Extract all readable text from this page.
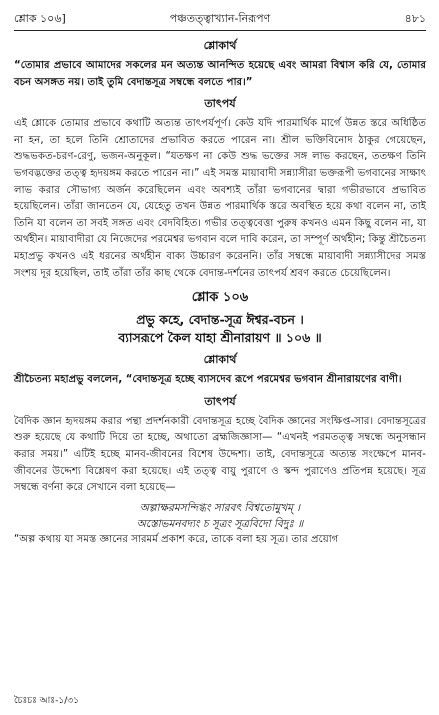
শ্লোক ১০৬]	পঞ্চতত্ত্বাখ্যান-নিরূপণ	৪৮১
শ্লোকার্থ

“তোমার প্রভাবে আমাদের সকলের মন অত্যন্ত আনন্দিত হয়েছে এবং আমরা বিশ্বাস করি যে, তোমার বচন অসঙ্গত নয়। তাই তুমি বেদান্তসূত্র সম্বন্ধে বলতে পার।”

তাৎপর্য

এই শ্লোকে তোমার প্রভাবে কথাটি অত্যন্ত তাৎপর্যপূর্ণ। কেউ যদি পারমার্থিক মার্গে উন্নত স্তরে অধিষ্ঠিত না হন, তা হলে তিনি শ্রোতাদের প্রভাবিত করতে পারেন না। শ্রীল ভক্তিবিনোদ ঠাকুর গেয়েছেন, শুদ্ধভকত-চরণ-রেণু, ভজন-অনুকূল। “যতক্ষণ না কেউ শুদ্ধ ভক্তের সঙ্গ লাভ করছেন, ততক্ষণ তিনি ভগবদ্ভক্তের তত্ত্ব হৃদয়ঙ্গম করতে পারেন না।” এই সমস্ত মায়াবাদী সন্ন্যাসীরা ভক্তরূপী ভগবানের সাক্ষাৎ লাভ করার সৌভাগ্য অর্জন করেছিলেন এবং অবশ্যই তাঁরা ভগবানের দ্বারা গভীরভাবে প্রভাবিত হয়েছিলেন। তাঁরা জানতেন যে, যেহেতু তখন উন্নত পারমার্থিক স্তরে অবস্থিত হয়ে কথা বলেন না, তাই তিনি যা বলেন তা সবই সঙ্গত এবং বেদবিহিত। গভীর তত্ত্ববেত্তা পুরুষ কখনও এমন কিছু বলেন না, যা অর্থহীন। মায়াবাদীরা যে নিজেদের পরমেশ্বর ভগবান বলে দাবি করেন, তা সম্পূর্ণ অর্থহীন; কিন্তু শ্রীচৈতন্য মহাপ্রভু কখনও এই ধরনের অর্থহীন বাক্য উচ্চারণ করেননি। তাঁর সম্বন্ধে মায়াবাদী সন্ন্যাসীদের সমস্ত সংশয় দূর হয়েছিল, তাই তাঁরা তাঁর কাছ থেকে বেদান্ত-দর্শনের তাৎপর্য শ্রবণ করতে চেয়েছিলেন।

শ্লোক ১০৬
প্রভু কহে, বেদান্ত-সূত্র ঈশ্বর-বচন ।
ব্যাসরূপে কৈল যাহা শ্রীনারায়ণ ॥ ১০৬ ॥
শ্লোকার্থ

শ্রীচৈতন্য মহাপ্রভু বললেন, “বেদান্তসূত্র হচ্ছে ব্যাসদেব রূপে পরমেশ্বর ভগবান শ্রীনারায়ণের বাণী।

তাৎপর্য

বৈদিক জ্ঞান হৃদয়ঙ্গম করার পন্থা প্রদর্শনকারী বেদান্তসূত্র হচ্ছে বৈদিক জ্ঞানের সংক্ষিপ্ত-সার। বেদান্তসূত্রের শুরু হয়েছে যে কথাটি দিয়ে তা হচ্ছে, অথাতো ব্রহ্মজিজ্ঞাসা— “এখনই পরমতত্ত্ব সম্বন্ধে অনুসন্ধান করার সময়।” এটিই হচ্ছে মানব-জীবনের বিশেষ উদ্দেশ্য। তাই, বেদান্তসূত্রে অত্যন্ত সংক্ষেপে মানব-জীবনের উদ্দেশ্য বিশ্লেষণ করা হয়েছে। এই তত্ত্ব বায়ু পুরাণে ও স্কন্দ পুরাণেও প্রতিপন্ন হয়েছে। সূত্র সম্বন্ধে বর্ণনা করে সেখানে বলা হয়েছে—

অল্পাক্ষরমসন্দিগ্ধং সারবৎ বিশ্বতোমুখম্ ।
অস্তোভমনবদ্যং চ সূত্রং সূত্রবিদো বিদুঃ ॥

“অল্প কথায় যা সমস্ত জ্ঞানের সারমর্ম প্রকাশ করে, তাকে বলা হয় সূত্র। তার প্রয়োগ

চৈঃচঃ আঃ-১/৩১
